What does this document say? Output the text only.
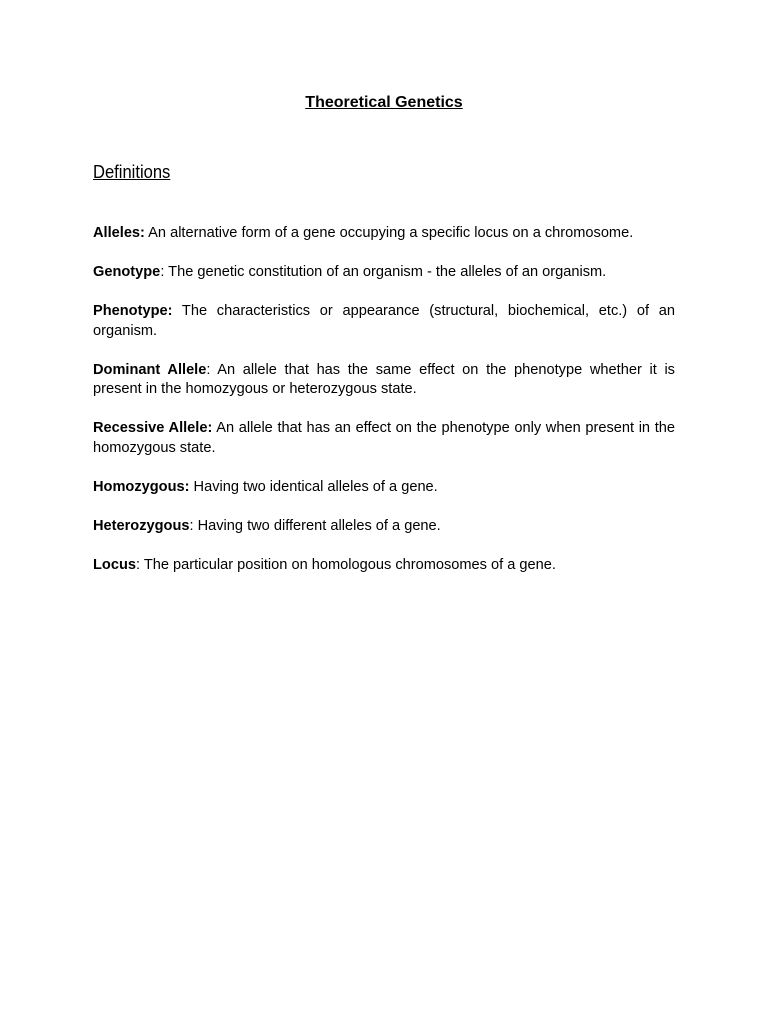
Theoretical Genetics
Definitions
Alleles: An alternative form of a gene occupying a specific locus on a chromosome.
Genotype: The genetic constitution of an organism - the alleles of an organism.
Phenotype: The characteristics or appearance (structural, biochemical, etc.) of an organism.
Dominant Allele: An allele that has the same effect on the phenotype whether it is present in the homozygous or heterozygous state.
Recessive Allele: An allele that has an effect on the phenotype only when present in the homozygous state.
Homozygous: Having two identical alleles of a gene.
Heterozygous: Having two different alleles of a gene.
Locus: The particular position on homologous chromosomes of a gene.
